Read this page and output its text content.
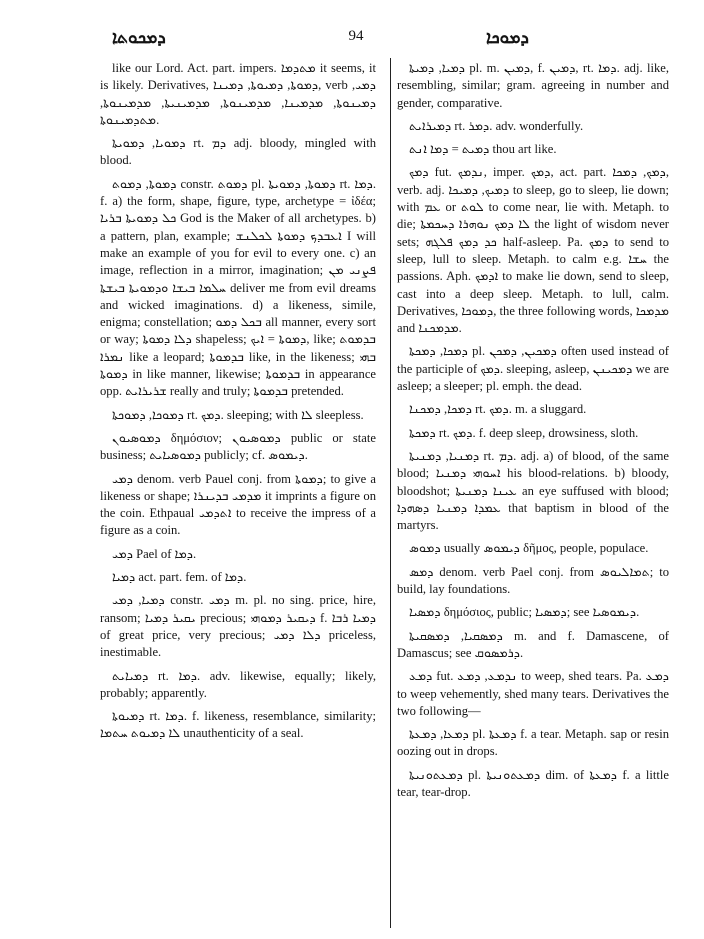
ܕܡܟܘܬܐ	94	ܕܡܘܟܐ

like our Lord. Act. part. impers. ܡܬܕܡܐ it seems, it is likely. Derivatives, ܕܡܘܬܐ, ܕܡܝܘܬܐ, ܕܡܝܢܐ, verb ܕܡܝ, ܕܡܝܢܘܬܐ, ܡܕܡܝܢܐ, ܡܕܡܝܢܘܬܐ, ܡܕܡܝܢܝܬܐ, ܡܕܡܝܢܘܬܐ, ܡܬܕܡܝܢܘܬܐ.

ܕܡܘܝܐ, ܕܡܘܝܬܐ rt. ܕܡ adj. bloody, mingled with blood.

ܕܡܘܬܐ, ܕܡܘܬ constr. ܕܡܘܬ pl. ܕܡܘܬܐ, ܕܡܘܝܬܐ rt. ܕܡܐ. f. a) the form, shape, figure, type, archetype = ἰδέα; ܟܠ ܕܡܘܝܬܐ ܒܪܝܐ God is the Maker of all archetypes. b) a pattern, plan, example; ܐܥܒܕܟ ܕܡܘܬܐ ܠܟܠܢܫ I will make an example of you for evil to every one. c) an image, reflection in a mirror, imagination; ܦܨܢܝ ܡܢ ܚܠܡܐ ܒܝܫܐ ܘܕܡܘܝܬܐ ܒܝܫܬܐ deliver me from evil dreams and wicked imaginations. d) a likeness, simile, enigma; constellation; ܒܟܠ ܕܡܘ all manner, every sort or way; ܕܠܐ ܕܡܘܬܐ shapeless; ܕܡܘܬܐ = ܐܝܟ, like; ܒܕܡܘܬ ܢܡܪܐ like a leopard; ܒܕܡܘܬܐ like, in the likeness; ܒܗܝ ܕܡܘܬܐ in like manner, likewise; ܒܕܡܘܬܐ in appearance opp. ܫܪܝܪܐܝܬ really and truly; ܒܕܡܘܬܐ pretended.

ܕܡܘܟܐ, ܕܡܘܟܬܐ rt. ܕܡܟ. sleeping; with ܠܐ sleepless.

ܕܡܘܣܝܘܢ δημόσιον; ܕܡܘܣܝܘܢ public or state business; ܕܡܘܣܝܐܝܬ publicly; cf. ܕܝܡܘܣ.

ܕܡܝ denom. verb Pauel conj. from ܕܡܘܬܐ; to give a likeness or shape; ܡܕܡܝ ܒܕܝܢܪܐ it imprints a figure on the coin. Ethpaual ܐܬܕܡܝ to receive the impress of a figure as a coin.

ܕܡܝ Pael of ܕܡܐ.

ܕܡܝܐ act. part. fem. of ܕܡܐ.

ܕܡܝܐ, ܕܡܝ constr. ܕܡܝ m. pl. no sing. price, hire, ransom; ܝܩܝܪ ܕܡܝܐ precious; ܕܝܩܝܪ ܕܡܘܗܝ f. ܕܡܝܐ ܪܒܐ of great price, very precious; ܕܠܐ ܕܡܝ priceless, inestimable.

ܕܡܝܐܝܬ rt. ܕܡܐ. adv. likewise, equally; likely, probably; apparently.

ܕܡܝܘܬܐ rt. ܕܡܐ. f. likeness, resemblance, similarity; ܠܐ ܕܡܝܘܬ ܚܬܡܐ unauthenticity of a seal.

ܕܡܝܐ, ܕܡܝܬܐ pl. m. ܕܡܝܢ, f. ܕܡܝܢ, rt. ܕܡܐ. adj. like, resembling, similar; gram. agreeing in number and gender, comparative.

ܕܡܝܪܐܝܬ rt. ܕܡܪ. adv. wonderfully.

ܕܡܝܬ = ܕܡܐ ܐܢܬ thou art like.

ܕܡܟ fut. ܢܕܡܟ, imper. ܕܡܟ, act. part. ܕܡܟ, ܕܡܟܐ, verb. adj. ܕܡܝܟ, ܕܡܝܟܐ to sleep, go to sleep, lie down; with ܥܡ or ܠܘܬ to come near, lie with. Metaph. to die; ܠܐ ܕܡܟ ܢܘܗܪܐ ܕܚܟܡܬܐ the light of wisdom never sets; ܟܕ ܕܡܟ ܦܠܓܗ half-asleep. Pa. ܕܡܟ to send to sleep, lull to sleep. Metaph. to calm e.g. ܚܫܐ the passions. Aph. ܐܕܡܟ to make lie down, send to sleep, cast into a deep sleep. Metaph. to lull, calm. Derivatives, ܕܡܘܟܐ, the three following words, ܡܕܡܟܐ and ܡܕܡܟܢܐ.

ܕܡܟܐ, ܕܡܟܬܐ pl. ܕܡܟܝܢ, ܕܡܟܢ often used instead of the participle of ܕܡܟ. sleeping, asleep, ܕܡܟܝܢܢ we are asleep; a sleeper; pl. emph. the dead.

ܕܡܟܐ, ܕܡܟܢܐ rt. ܕܡܟ. m. a sluggard.

ܕܡܟܬܐ rt. ܕܡܟ. f. deep sleep, drowsiness, sloth.

ܕܡܢܝܐ, ܕܡܢܝܬܐ rt. ܕܡ. adj. a) of blood, of the same blood; ܐܚܘܗܝ ܕܡܢܝܐ his blood-relations. b) bloody, bloodshot; ܥܝܢܐ ܕܡܢܝܬܐ an eye suffused with blood; ܥܡܕܐ ܕܡܢܝܐ ܕܣܗܕܐ that baptism in blood of the martyrs.

ܕܡܘܣ usually ܕܝܡܘܣ δῆμος, people, populace.

ܕܡܣ denom. verb Pael conj. from ܬܡܐܠܝܘܣ; to build, lay foundations.

ܕܡܣܝܐ δημόσιος, public; ܕܡܣܝܐ; see ܕܝܡܘܣܝܐ.

ܕܡܣܩܝܐ, ܕܡܣܩܝܬܐ m. and f. Damascene, of Damascus; see ܕܪܡܣܘܩ.

ܕܡܥ fut. ܢܕܡܥ, ܕܡܥ to weep, shed tears. Pa. ܕܡܥ to weep vehemently, shed many tears. Derivatives the two following—

ܕܡܥܐ, ܕܡܥܬܐ pl. ܕܡܥܬܐ f. a tear. Metaph. sap or resin oozing out in drops.

ܕܡܥܬܘܢܝܬܐ pl. ܕܡܥܬܘܢܝܬܐ dim. of ܕܡܥܬܐ f. a little tear, tear-drop.
